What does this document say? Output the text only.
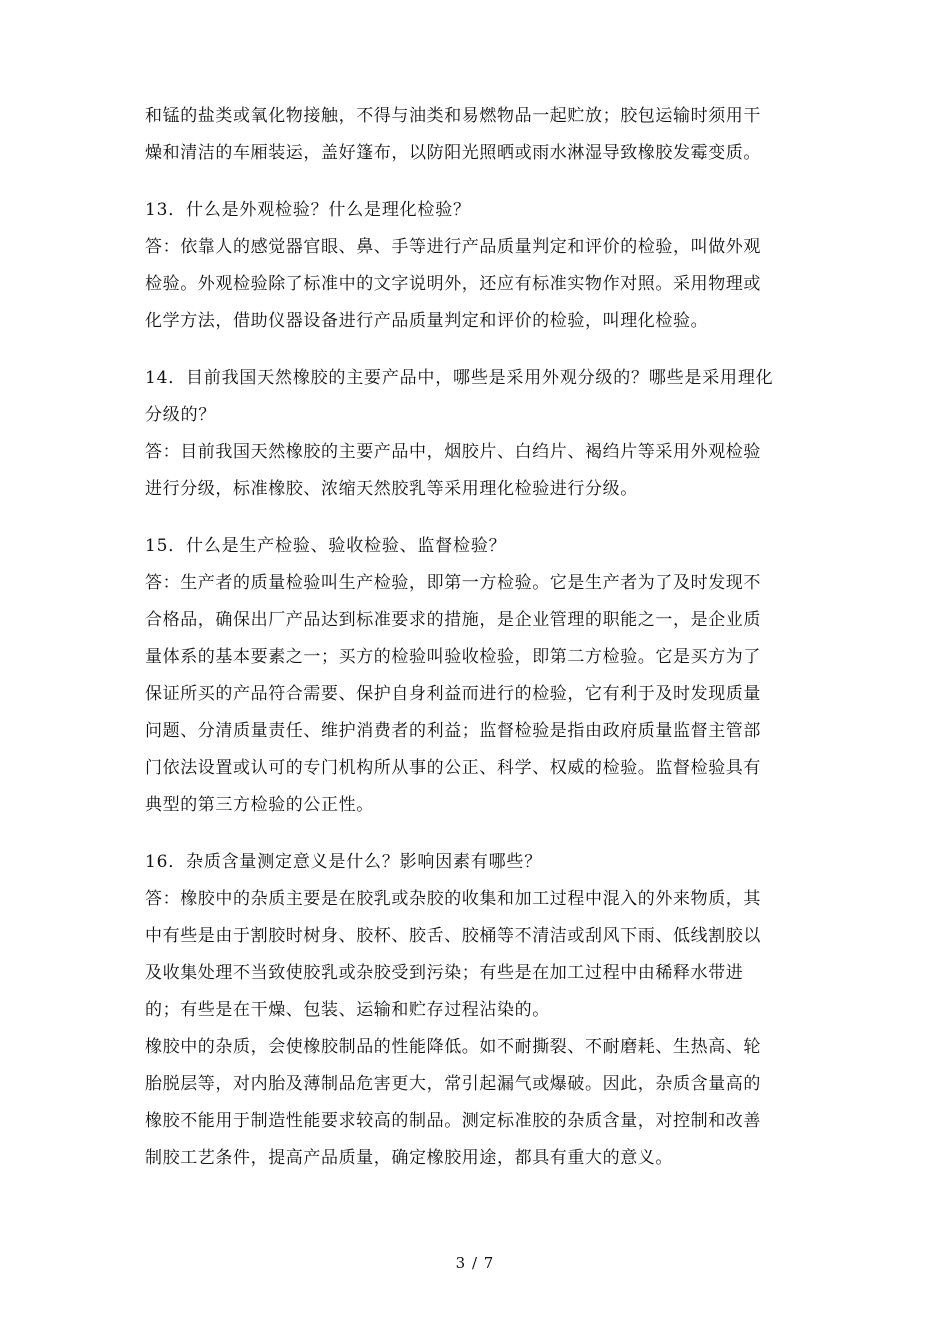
和锰的盐类或氧化物接触，不得与油类和易燃物品一起贮放；胶包运输时须用干
燥和清洁的车厢装运，盖好篷布，以防阳光照晒或雨水淋湿导致橡胶发霉变质。
13．什么是外观检验？什么是理化检验？
答：依靠人的感觉器官眼、鼻、手等进行产品质量判定和评价的检验，叫做外观
检验。外观检验除了标准中的文字说明外，还应有标准实物作对照。采用物理或
化学方法，借助仪器设备进行产品质量判定和评价的检验，叫理化检验。
14．目前我国天然橡胶的主要产品中，哪些是采用外观分级的？哪些是采用理化
分级的？
答：目前我国天然橡胶的主要产品中，烟胶片、白绉片、褐绉片等采用外观检验
进行分级，标准橡胶、浓缩天然胶乳等采用理化检验进行分级。
15．什么是生产检验、验收检验、监督检验？
答：生产者的质量检验叫生产检验，即第一方检验。它是生产者为了及时发现不
合格品，确保出厂产品达到标准要求的措施，是企业管理的职能之一，是企业质
量体系的基本要素之一；买方的检验叫验收检验，即第二方检验。它是买方为了
保证所买的产品符合需要、保护自身利益而进行的检验，它有利于及时发现质量
问题、分清质量责任、维护消费者的利益；监督检验是指由政府质量监督主管部
门依法设置或认可的专门机构所从事的公正、科学、权威的检验。监督检验具有
典型的第三方检验的公正性。
16．杂质含量测定意义是什么？影响因素有哪些？
答：橡胶中的杂质主要是在胶乳或杂胶的收集和加工过程中混入的外来物质，其
中有些是由于割胶时树身、胶杯、胶舌、胶桶等不清洁或刮风下雨、低线割胶以
及收集处理不当致使胶乳或杂胶受到污染；有些是在加工过程中由稀释水带进
的；有些是在干燥、包装、运输和贮存过程沾染的。
橡胶中的杂质，会使橡胶制品的性能降低。如不耐撕裂、不耐磨耗、生热高、轮
胎脱层等，对内胎及薄制品危害更大，常引起漏气或爆破。因此，杂质含量高的
橡胶不能用于制造性能要求较高的制品。测定标准胶的杂质含量，对控制和改善
制胶工艺条件，提高产品质量，确定橡胶用途，都具有重大的意义。
3 / 7
